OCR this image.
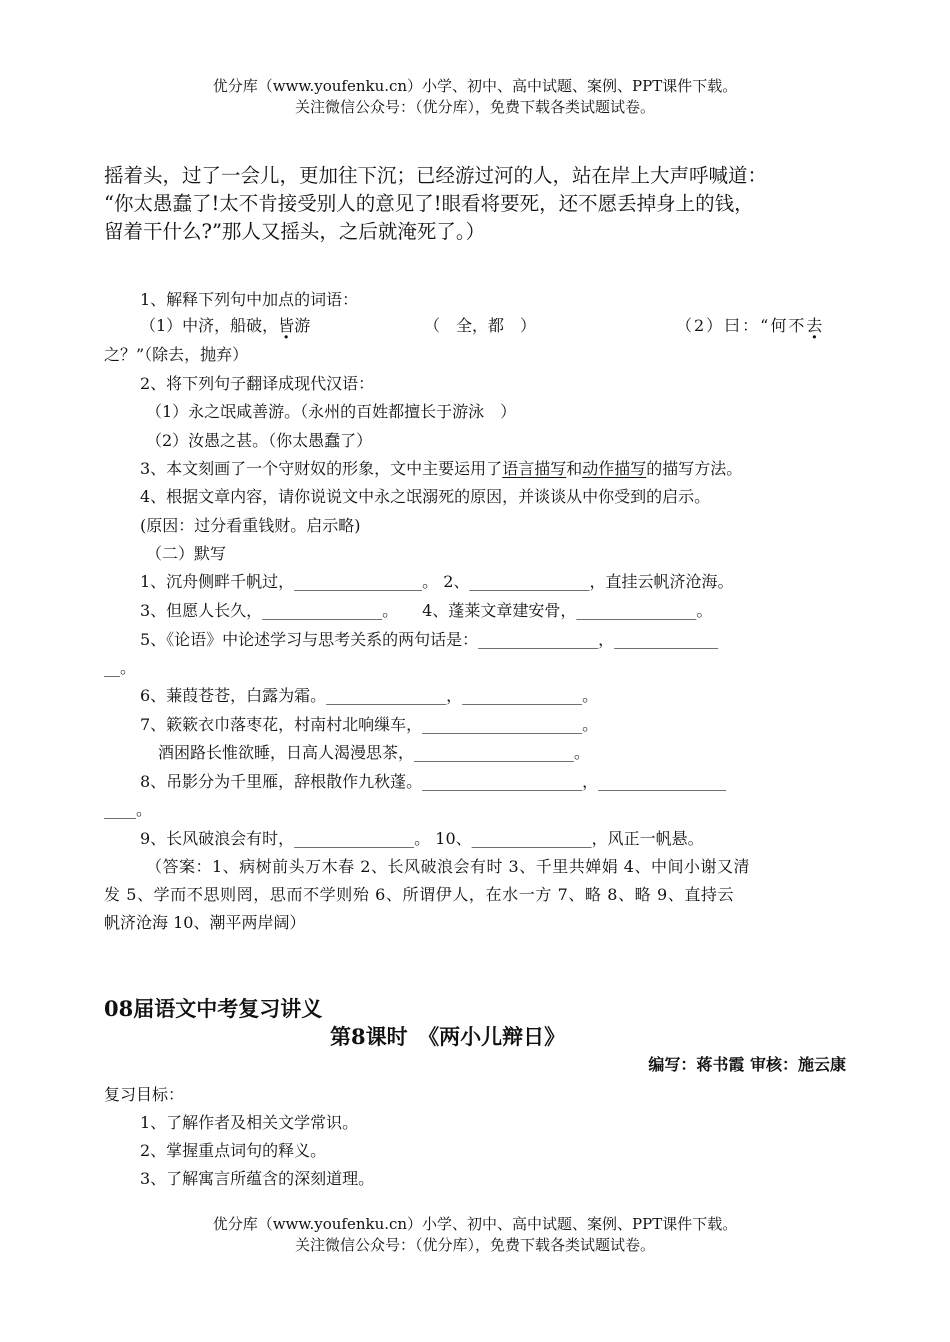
优分库（www.youfenku.cn）小学、初中、高中试题、案例、PPT课件下载。
关注微信公众号：（优分库），免费下载各类试题试卷。
摇着头，过了一会儿，更加往下沉；已经游过河的人，站在岸上大声呼喊道：
“你太愚蠢了!太不肯接受别人的意见了!眼看将要死，还不愿丢掉身上的钱，
留着干什么?”那人又摇头，之后就淹死了。）
1、解释下列句中加点的词语：
（1）中济，船破，皆游	（　全，都　）	（2）曰：“何不去
之？”（除去，抛弃）
2、将下列句子翻译成现代汉语：
（1）永之氓咸善游。（永州的百姓都擅长于游泳　）
（2）汝愚之甚。（你太愚蠢了）
3、本文刻画了一个守财奴的形象，文中主要运用了语言描写和动作描写的描写方法。
4、根据文章内容，请你说说文中永之氓溺死的原因，并谈谈从中你受到的启示。
(原因：过分看重钱财。启示略)
（二）默写
1、沉舟侧畔千帆过，________________。 2、_______________，直挂云帆济沧海。
3、但愿人长久，_______________。　　4、蓬莱文章建安骨，_______________。
5、《论语》中论述学习与思考关系的两句话是：_______________，_____________
__。
6、蒹葭苍苍，白露为霜。_______________，_______________。
7、簌簌衣巾落枣花，村南村北响缫车，____________________。
酒困路长惟欲睡，日高人渴漫思茶，____________________。
8、吊影分为千里雁，辞根散作九秋蓬。____________________，________________
____。
9、长风破浪会有时，_______________。 10、_______________，风正一帆悬。
（答案：1、病树前头万木春 2、长风破浪会有时 3、千里共婵娟 4、中间小谢又清
发 5、学而不思则罔，思而不学则殆 6、所谓伊人，在水一方 7、略 8、略 9、直持云
帆济沧海 10、潮平两岸阔）
08届语文中考复习讲义
第8课时　《两小儿辩日》
编写：蒋书霞 审核：施云康
复习目标：
1、了解作者及相关文学常识。
2、掌握重点词句的释义。
3、了解寓言所蕴含的深刻道理。
优分库（www.youfenku.cn）小学、初中、高中试题、案例、PPT课件下载。
关注微信公众号：（优分库），免费下载各类试题试卷。
